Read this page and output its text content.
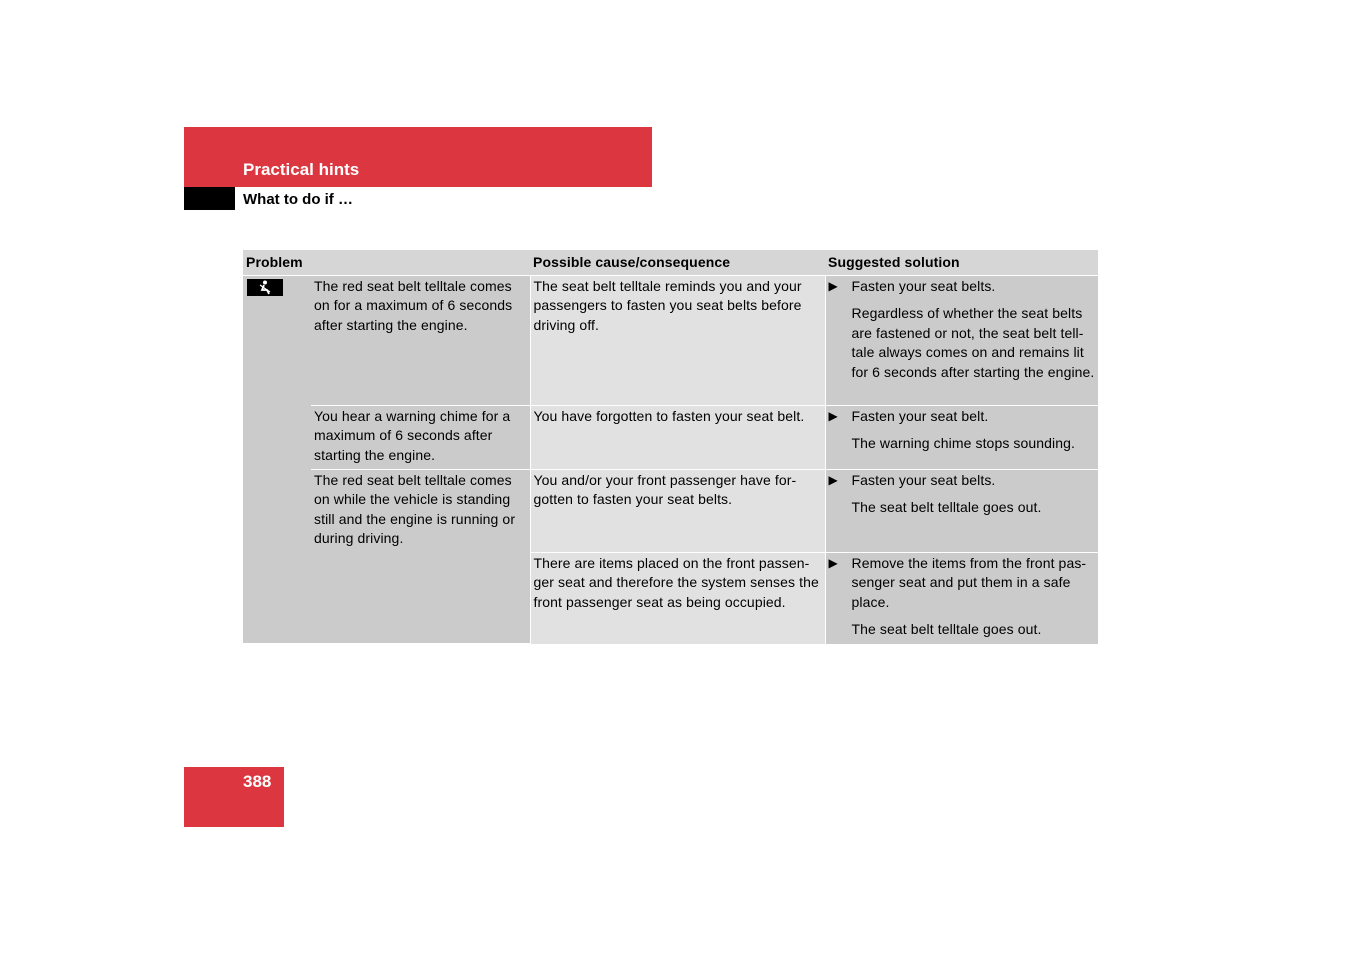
Practical hints
What to do if …
Problem		Possible cause/consequence	Suggested solution

	The red seat belt telltale comes on for a maximum of 6 seconds after starting the engine.	The seat belt telltale reminds you and your passengers to fasten you seat belts before driving off.	▶ Fasten your seat belts.
Regardless of whether the seat belts are fastened or not, the seat belt tell-tale always comes on and remains lit for 6 seconds after starting the engine.

	You hear a warning chime for a maximum of 6 seconds after starting the engine.	You have forgotten to fasten your seat belt.	▶ Fasten your seat belt.
The warning chime stops sounding.

	The red seat belt telltale comes on while the vehicle is standing still and the engine is running or during driving.	You and/or your front passenger have for-gotten to fasten your seat belts.	▶ Fasten your seat belts.
The seat belt telltale goes out.

		There are items placed on the front passen-ger seat and therefore the system senses the front passenger seat as being occupied.	▶ Remove the items from the front pas-senger seat and put them in a safe place.
The seat belt telltale goes out.
388
